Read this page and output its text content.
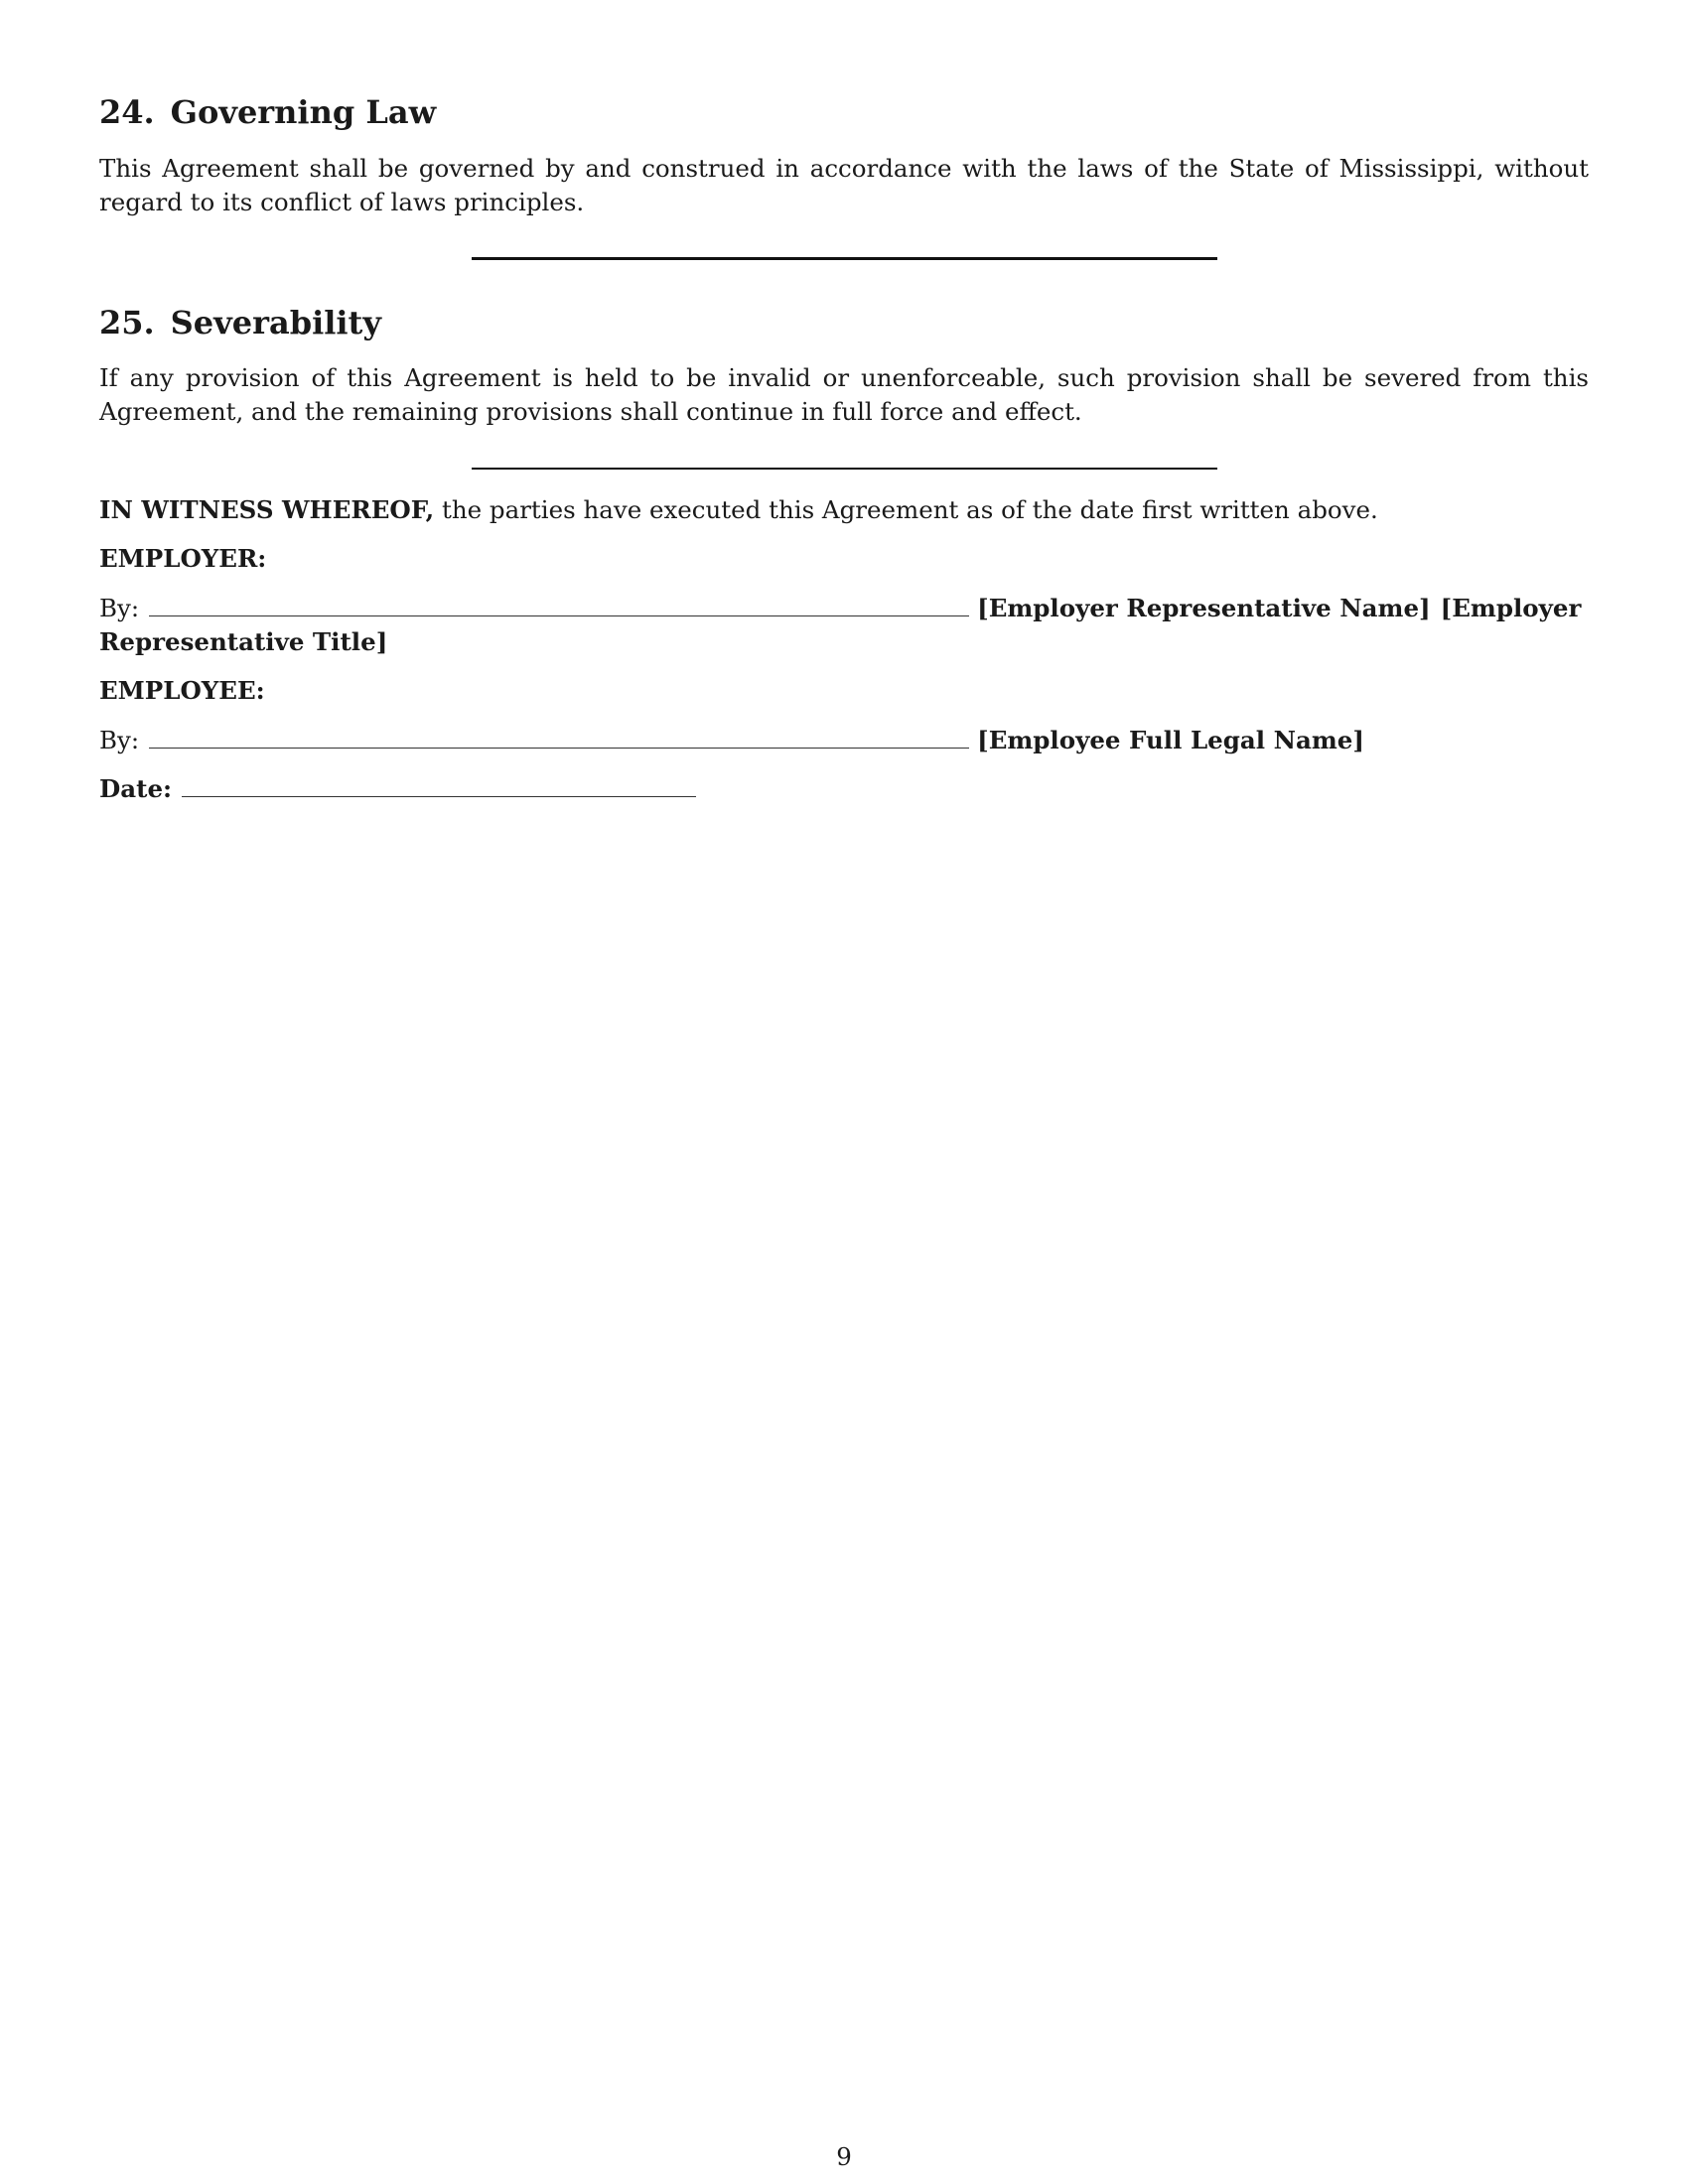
24. Governing Law

This Agreement shall be governed by and construed in accordance with the laws of the State of Mississippi, without regard to its conflict of laws principles.

25. Severability

If any provision of this Agreement is held to be invalid or unenforceable, such provision shall be severed from this Agreement, and the remaining provisions shall continue in full force and effect.

IN WITNESS WHEREOF, the parties have executed this Agreement as of the date first written above.
EMPLOYER:
By:	[Employer Representative Name] [Employer
Representative Title]
EMPLOYEE:
By:	[Employee Full Legal Name]
Date:
9
